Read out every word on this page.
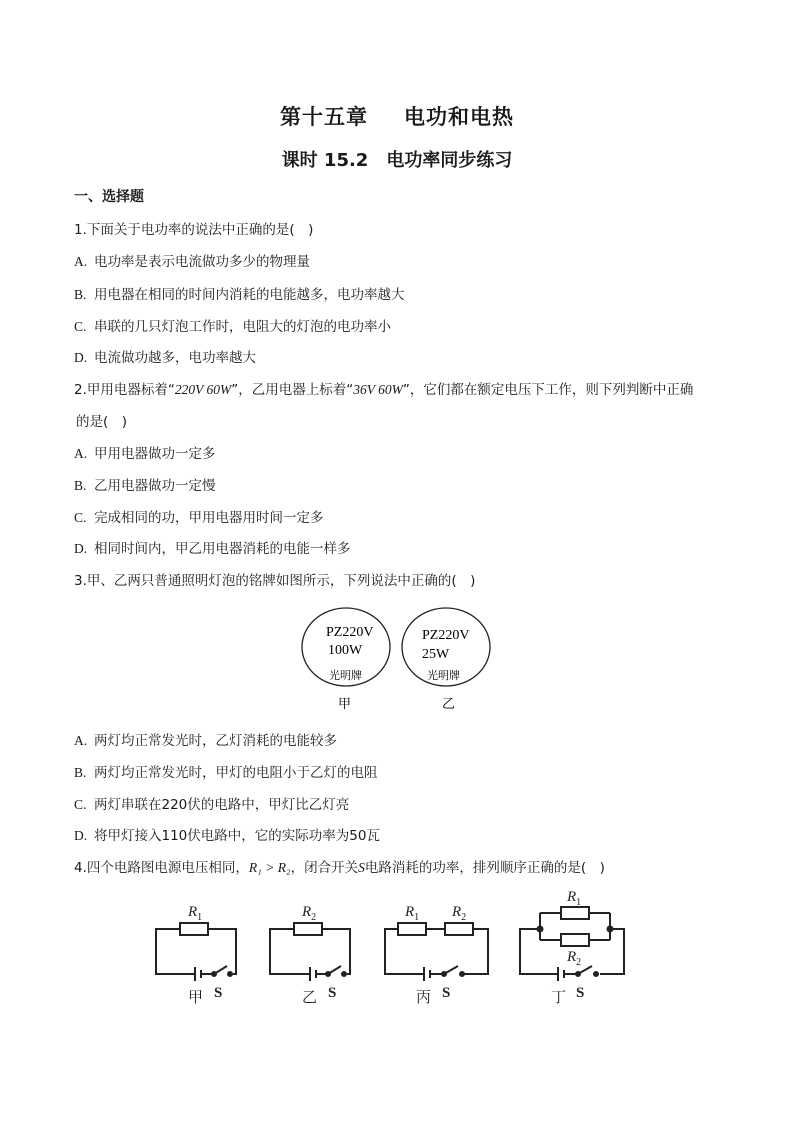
第十五章 电功和电热
课时 15.2　电功率同步练习
一、选择题
1.下面关于电功率的说法中正确的是(　)
A. 电功率是表示电流做功多少的物理量
B. 用电器在相同的时间内消耗的电能越多，电功率越大
C. 串联的几只灯泡工作时，电阻大的灯泡的电功率小
D. 电流做功越多，电功率越大
2.甲用电器标着“220V 60W”，乙用电器上标着“36V 60W”，它们都在额定电压下工作，则下列判断中正确
的是(　)
A. 甲用电器做功一定多
B. 乙用电器做功一定慢
C. 完成相同的功，甲用电器用时间一定多
D. 相同时间内，甲乙用电器消耗的电能一样多
3.甲、乙两只普通照明灯泡的铭牌如图所示，下列说法中正确的(　)
PZ220V
100W
光明牌
甲
PZ220V
25W
光明牌
乙
A. 两灯均正常发光时，乙灯消耗的电能较多
B. 两灯均正常发光时，甲灯的电阻小于乙灯的电阻
C. 两灯串联在220伏的电路中，甲灯比乙灯亮
D. 将甲灯接入110伏电路中，它的实际功率为50瓦
4.四个电路图电源电压相同，R₁ > R₂，闭合开关S电路消耗的功率，排列顺序正确的是(　)
$R_1$	$R_2$	$R_1$ $R_2$
$R_1$
$R_2$
甲 S	乙 S	丙 S	丁 S
